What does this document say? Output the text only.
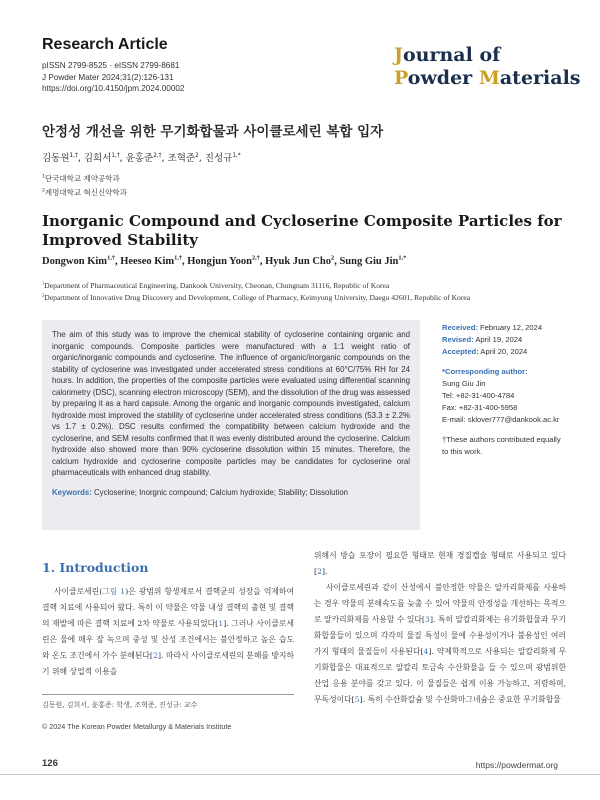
Research Article
pISSN 2799-8525 · eISSN 2799-8681
J Powder Mater 2024;31(2):126-131
https://doi.org/10.4150/jpm.2024.00002
Journal of
Powder Materials
안정성 개선을 위한 무기화합물과 사이클로세린 복합 입자
김동원$^{1,\dagger}$, 김희서$^{1,\dagger}$, 윤홍준$^{2,\dagger}$, 조혁준$^2$, 진성규$^{1,*}$
$^1$단국대학교 제약공학과
$^2$계명대학교 혁신신약학과
Inorganic Compound and Cycloserine Composite Particles for Improved Stability
Dongwon Kim$^{1,\dagger}$, Heeseo Kim$^{1,\dagger}$, Hongjun Yoon$^{2,\dagger}$, Hyuk Jun Cho$^2$, Sung Giu Jin$^{1,*}$
$^1$Department of Pharmaceutical Engineering, Dankook University, Cheonan, Chungnam 31116, Republic of Korea
$^2$Department of Innovative Drug Discovery and Development, College of Pharmacy, Keimyung University, Daegu 42601, Republic of Korea
The aim of this study was to improve the chemical stability of cycloserine containing organic and inorganic compounds. Composite particles were manufactured with a 1:1 weight ratio of organic/inorganic compounds and cycloserine. The influence of organic/inorganic compounds on the stability of cycloserine was investigated under accelerated stress conditions at 60°C/75% RH for 24 hours. In addition, the properties of the composite particles were evaluated using differential scanning calorimetry (DSC), scanning electron microscopy (SEM), and the dissolution of the drug was assessed by preparing it as a hard capsule. Among the organic and inorganic compounds investigated, calcium hydroxide most improved the stability of cycloserine under accelerated stress conditions (53.3 ± 2.2% vs 1.7 ± 0.2%). DSC results confirmed the compatibility between calcium hydroxide and the cycloserine, and SEM results confirmed that it was evenly distributed around the cycloserine. Calcium hydroxide also showed more than 90% cycloserine dissolution within 15 minutes. Therefore, the calcium hydroxide and cycloserine composite particles may be candidates for cycloserine oral pharmaceuticals with enhanced drug stability.
Keywords: Cycloserine; Inorgnic compound; Calcium hydroxide; Stability; Dissolution
Received: February 12, 2024
Revised: April 19, 2024
Accepted: April 20, 2024
*Corresponding author:
Sung Giu Jin
Tel: +82-31-400-4784
Fax: +82-31-400-5958
E-mail: sklover777@dankook.ac.kr
†These authors contributed equally to this work.
1. Introduction

사이클로세린(그림 1)은 광범위 항생제로서 결핵균의 성장을 억제하여 결핵 치료에 사용되어 왔다. 특히 이 약물은 약물 내성 결핵의 출현 및 결핵의 재발에 따른 결핵 치료에 2차 약물로 사용되었다[1]. 그러나 사이클로세린은 물에 매우 잘 녹으며 중성 및 산성 조건에서는 불안정하고 높은 습도와 온도 조건에서 가수 분해된다[2]. 따라서 사이클로세린의 분해를 방지하기 위해 상업적 이용을

위해서 방습 포장이 필요한 형태로 현재 경질캡슐 형태로 사용되고 있다[2].

사이클로세린과 같이 산성에서 불안정한 약물은 알카리화제를 사용하는 경우 약물의 분해속도를 늦출 수 있어 약물의 안정성을 개선하는 목적으로 알카리화제를 사용할 수 있다[3]. 특히 알칼리화제는 유기화합물과 무기화합물들이 있으며 각각의 물질 특성이 물에 수용성이거나 불용성인 여러가지 형태의 물질들이 사용된다[4]. 약제학적으로 사용되는 알칼리화제 무기화합물은 대표적으로 알칼리 토금속 수산화물을 들 수 있으며 광범위한 산업 응용 분야를 갖고 있다. 이 물질들은 쉽게 이용 가능하고, 저렴하며, 무독성이다[5]. 특히 수산화칼슘 및 수산화마그네슘은 중요한 무기화합물

김동원, 김희서, 윤홍준: 학생, 조혁준, 진성규: 교수
© 2024 The Korean Powder Metallurgy & Materials Institute
126	https://powdermat.org
